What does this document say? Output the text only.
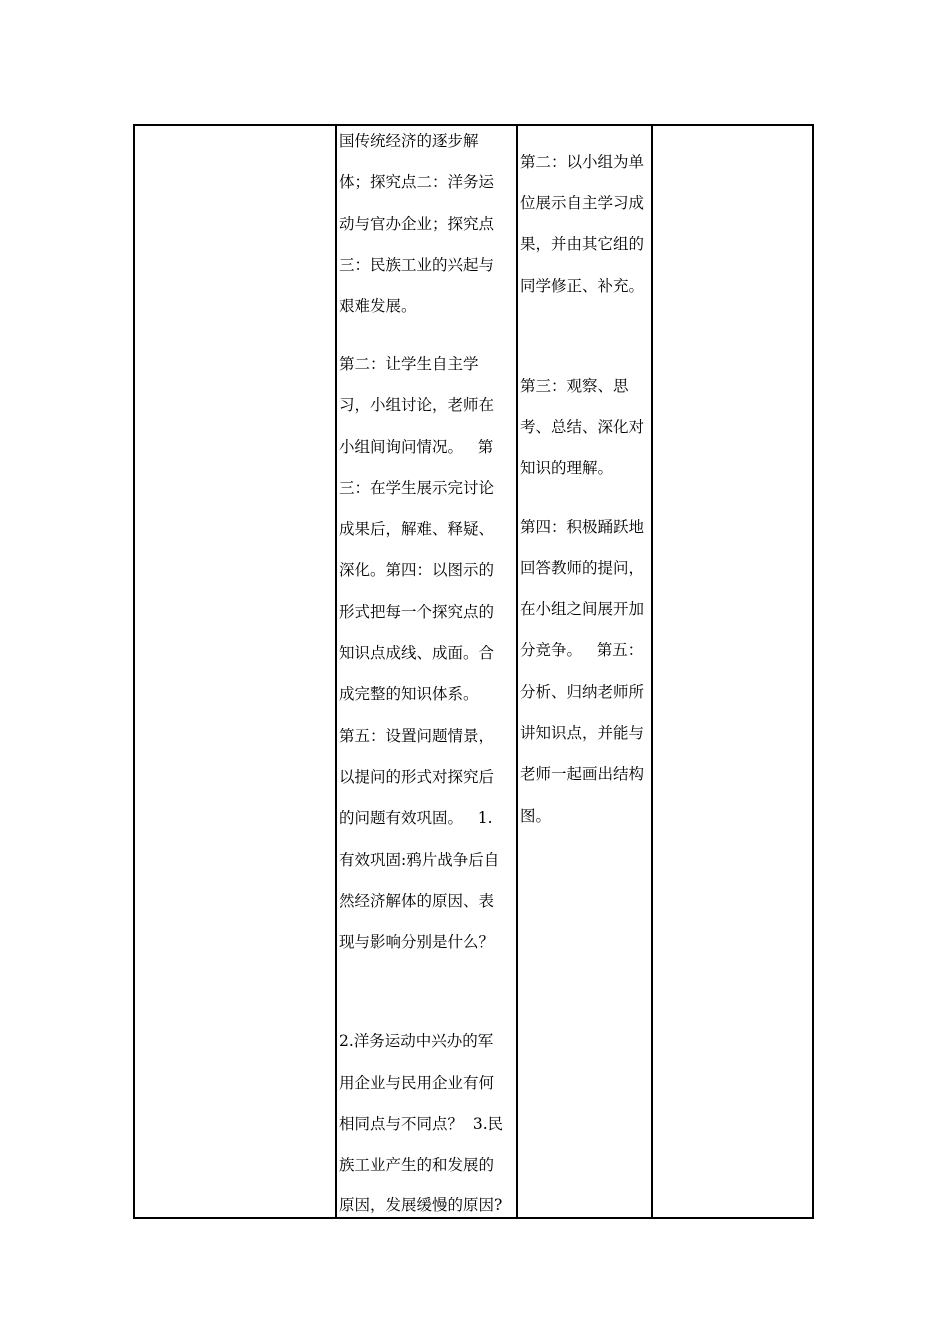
国传统经济的逐步解
体；探究点二：洋务运
动与官办企业；探究点
三：民族工业的兴起与
艰难发展。
第二：让学生自主学
习，小组讨论，老师在
小组间询问情况。   第
三：在学生展示完讨论
成果后，解难、释疑、
深化。第四：以图示的
形式把每一个探究点的
知识点成线、成面。合
成完整的知识体系。
第五：设置问题情景，
以提问的形式对探究后
的问题有效巩固。   1.
有效巩固:鸦片战争后自
然经济解体的原因、表
现与影响分别是什么？
2.洋务运动中兴办的军
用企业与民用企业有何
相同点与不同点？  3.民
族工业产生的和发展的
原因，发展缓慢的原因?
第二：以小组为单
位展示自主学习成
果，并由其它组的
同学修正、补充。
第三：观察、思
考、总结、深化对
知识的理解。
第四：积极踊跃地
回答教师的提问，
在小组之间展开加
分竞争。   第五：
分析、归纳老师所
讲知识点，并能与
老师一起画出结构
图。
